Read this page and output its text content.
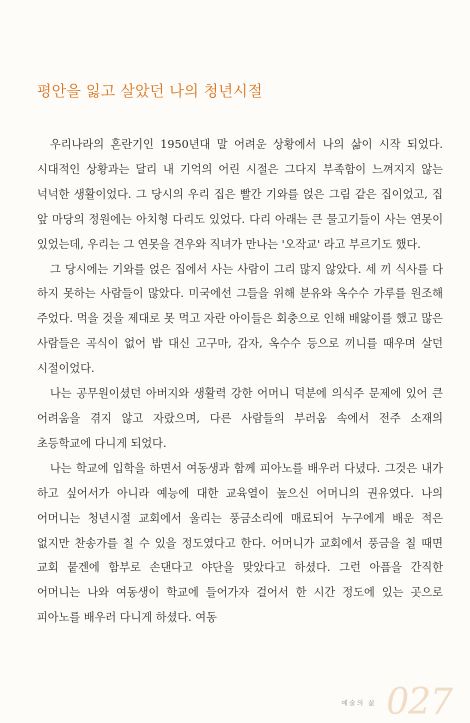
평안을 잃고 살았던 나의 청년시절

우리나라의 혼란기인 1950년대 말 어려운 상황에서 나의 삶이 시작 되었다. 시대적인 상황과는 달리 내 기억의 어린 시절은 그다지 부족함이 느껴지지 않는 넉넉한 생활이었다. 그 당시의 우리 집은 빨간 기와를 얹은 그림 같은 집이었고, 집 앞 마당의 정원에는 아치형 다리도 있었다. 다리 아래는 큰 물고기들이 사는 연못이 있었는데, 우리는 그 연못을 견우와 직녀가 만나는 '오작교' 라고 부르기도 했다.

그 당시에는 기와를 얹은 집에서 사는 사람이 그리 많지 않았다. 세 끼 식사를 다 하지 못하는 사람들이 많았다. 미국에선 그들을 위해 분유와 옥수수 가루를 원조해 주었다. 먹을 것을 제대로 못 먹고 자란 아이들은 회충으로 인해 배앓이를 했고 많은 사람들은 곡식이 없어 밥 대신 고구마, 감자, 옥수수 등으로 끼니를 때우며 살던 시절이었다.

나는 공무원이셨던 아버지와 생활력 강한 어머니 덕분에 의식주 문제에 있어 큰 어려움을 겪지 않고 자랐으며, 다른 사람들의 부러움 속에서 전주 소재의 초등학교에 다니게 되었다.

나는 학교에 입학을 하면서 여동생과 함께 피아노를 배우러 다녔다. 그것은 내가 하고 싶어서가 아니라 예능에 대한 교육열이 높으신 어머니의 권유였다. 나의 어머니는 청년시절 교회에서 울리는 풍금소리에 매료되어 누구에게 배운 적은 없지만 찬송가를 칠 수 있을 정도였다고 한다. 어머니가 교회에서 풍금을 칠 때면 교회 뭍겐에 함부로 손댄다고 야단을 맞았다고 하셨다. 그런 아픔을 간직한 어머니는 나와 여동생이 학교에 들어가자 걸어서 한 시간 정도에 있는 곳으로 피아노를 배우러 다니게 하셨다. 여동

예술의 삶 027
